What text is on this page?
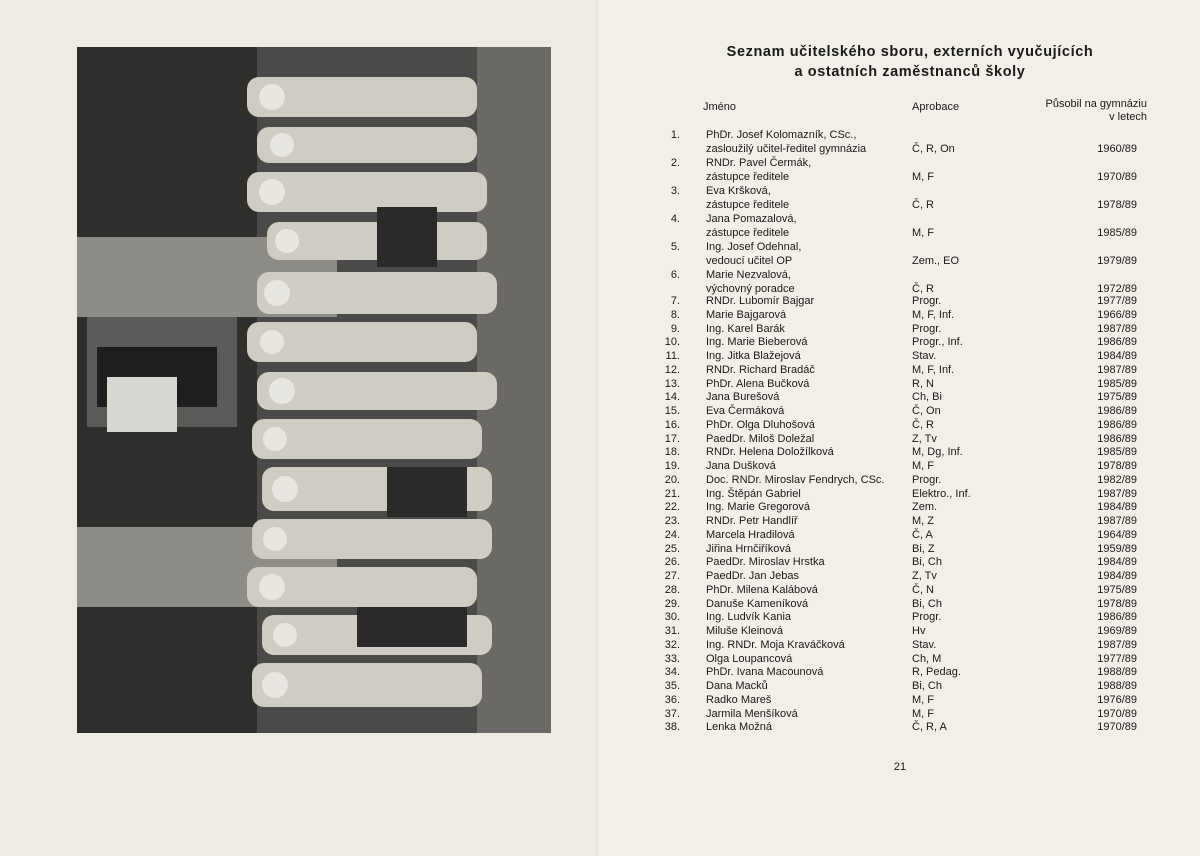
Seznam učitelského sboru, externích vyučujících
a ostatních zaměstnanců školy
Jméno	Aprobace	Působil na gymnáziu
v letech
1. PhDr. Josef Kolomazník, CSc.,
zasloužilý učitel-ředitel gymnázia	Č, R, On	1960/89
2. RNDr. Pavel Čermák,
zástupce ředitele	M, F	1970/89
3. Eva Kršková,
zástupce ředitele	Č, R	1978/89
4. Jana Pomazalová,
zástupce ředitele	M, F	1985/89
5. Ing. Josef Odehnal,
vedoucí učitel OP	Zem., EO	1979/89
6. Marie Nezvalová,
výchovný poradce	Č, R	1972/89
7. RNDr. Lubomír Bajgar	Progr.	1977/89
8. Marie Bajgarová	M, F, Inf.	1966/89
9. Ing. Karel Barák	Progr.	1987/89
10. Ing. Marie Bieberová	Progr., Inf.	1986/89
11. Ing. Jitka Blažejová	Stav.	1984/89
12. RNDr. Richard Bradáč	M, F, Inf.	1987/89
13. PhDr. Alena Bučková	R, N	1985/89
14. Jana Burešová	Ch, Bi	1975/89
15. Eva Čermáková	Č, On	1986/89
16. PhDr. Olga Dluhošová	Č, R	1986/89
17. PaedDr. Miloš Doležal	Z, Tv	1986/89
18. RNDr. Helena Doložílková	M, Dg, Inf.	1985/89
19. Jana Dušková	M, F	1978/89
20. Doc. RNDr. Miroslav Fendrych, CSc.	Progr.	1982/89
21. Ing. Štěpán Gabriel	Elektro., Inf.	1987/89
22. Ing. Marie Gregorová	Zem.	1984/89
23. RNDr. Petr Handlíř	M, Z	1987/89
24. Marcela Hradilová	Č, A	1964/89
25. Jiřina Hrnčiříková	Bi, Z	1959/89
26. PaedDr. Miroslav Hrstka	Bi, Ch	1984/89
27. PaedDr. Jan Jebas	Z, Tv	1984/89
28. PhDr. Milena Kalábová	Č, N	1975/89
29. Danuše Kameníková	Bi, Ch	1978/89
30. Ing. Ludvík Kania	Progr.	1986/89
31. Miluše Kleinová	Hv	1969/89
32. Ing. RNDr. Moja Kraváčková	Stav.	1987/89
33. Olga Loupancová	Ch, M	1977/89
34. PhDr. Ivana Macounová	R, Pedag.	1988/89
35. Dana Macků	Bi, Ch	1988/89
36. Radko Mareš	M, F	1976/89
37. Jarmila Menšíková	M, F	1970/89
38. Lenka Možná	Č, R, A	1970/89
21
